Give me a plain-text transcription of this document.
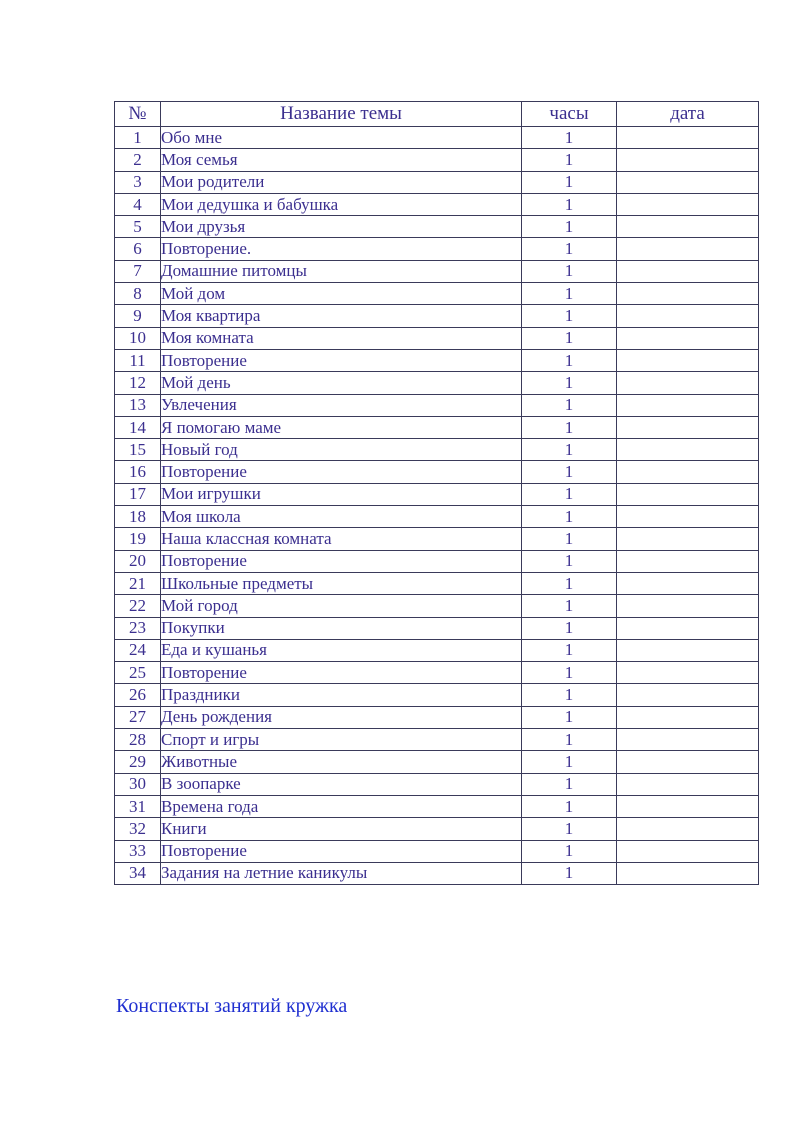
№	Название темы	часы	дата
1	Обо мне	1	
2	Моя семья	1	
3	Мои родители	1	
4	Мои дедушка и бабушка	1	
5	Мои друзья	1	
6	Повторение.	1	
7	Домашние питомцы	1	
8	Мой дом	1	
9	Моя квартира	1	
10	Моя комната	1	
11	Повторение	1	
12	Мой день	1	
13	Увлечения	1	
14	Я помогаю маме	1	
15	Новый год	1	
16	Повторение	1	
17	Мои игрушки	1	
18	Моя школа	1	
19	Наша классная комната	1	
20	Повторение	1	
21	Школьные предметы	1	
22	Мой город	1	
23	Покупки	1	
24	Еда и кушанья	1	
25	Повторение	1	
26	Праздники	1	
27	День рождения	1	
28	Спорт и игры	1	
29	Животные	1	
30	В зоопарке	1	
31	Времена года	1	
32	Книги	1	
33	Повторение	1	
34	Задания на летние каникулы	1	
Конспекты занятий кружка
